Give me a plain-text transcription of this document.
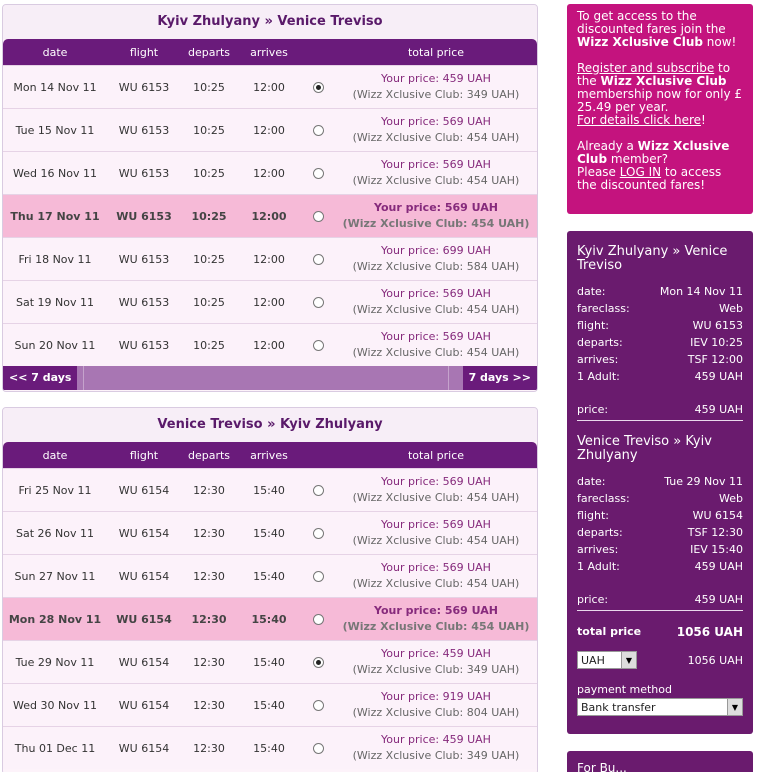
Kyiv Zhulyany » Venice Treviso
date	flight	departs	arrives	total price
Mon 14 Nov 11	WU 6153	10:25	12:00
Your price: 459 UAH
(Wizz Xclusive Club: 349 UAH)
Tue 15 Nov 11	WU 6153	10:25	12:00
Your price: 569 UAH
(Wizz Xclusive Club: 454 UAH)
Wed 16 Nov 11	WU 6153	10:25	12:00
Your price: 569 UAH
(Wizz Xclusive Club: 454 UAH)
Thu 17 Nov 11	WU 6153	10:25	12:00
Your price: 569 UAH
(Wizz Xclusive Club: 454 UAH)
Fri 18 Nov 11	WU 6153	10:25	12:00
Your price: 699 UAH
(Wizz Xclusive Club: 584 UAH)
Sat 19 Nov 11	WU 6153	10:25	12:00
Your price: 569 UAH
(Wizz Xclusive Club: 454 UAH)
Sun 20 Nov 11	WU 6153	10:25	12:00
Your price: 569 UAH
(Wizz Xclusive Club: 454 UAH)
<< 7 days	7 days >>
Venice Treviso » Kyiv Zhulyany
date	flight	departs	arrives	total price
Fri 25 Nov 11	WU 6154	12:30	15:40
Your price: 569 UAH
(Wizz Xclusive Club: 454 UAH)
Sat 26 Nov 11	WU 6154	12:30	15:40
Your price: 569 UAH
(Wizz Xclusive Club: 454 UAH)
Sun 27 Nov 11	WU 6154	12:30	15:40
Your price: 569 UAH
(Wizz Xclusive Club: 454 UAH)
Mon 28 Nov 11	WU 6154	12:30	15:40
Your price: 569 UAH
(Wizz Xclusive Club: 454 UAH)
Tue 29 Nov 11	WU 6154	12:30	15:40
Your price: 459 UAH
(Wizz Xclusive Club: 349 UAH)
Wed 30 Nov 11	WU 6154	12:30	15:40
Your price: 919 UAH
(Wizz Xclusive Club: 804 UAH)
Thu 01 Dec 11	WU 6154	12:30	15:40
Your price: 459 UAH
(Wizz Xclusive Club: 349 UAH)

To get access to the discounted fares join the Wizz Xclusive Club now!

Register and subscribe to the Wizz Xclusive Club membership now for only £ 25.49 per year.
For details click here!

Already a Wizz Xclusive Club member?
Please LOG IN to access the discounted fares!

Kyiv Zhulyany » Venice Treviso
date:	Mon 14 Nov 11
fareclass:	Web
flight:	WU 6153
departs:	IEV 10:25
arrives:	TSF 12:00
1 Adult:	459 UAH
price:	459 UAH
Venice Treviso » Kyiv Zhulyany
date:	Tue 29 Nov 11
fareclass:	Web
flight:	WU 6154
departs:	TSF 12:30
arrives:	IEV 15:40
1 Adult:	459 UAH
price:	459 UAH
total price	1056 UAH
UAH	▼	1056 UAH
payment method
Bank transfer	▼
For Bu...
